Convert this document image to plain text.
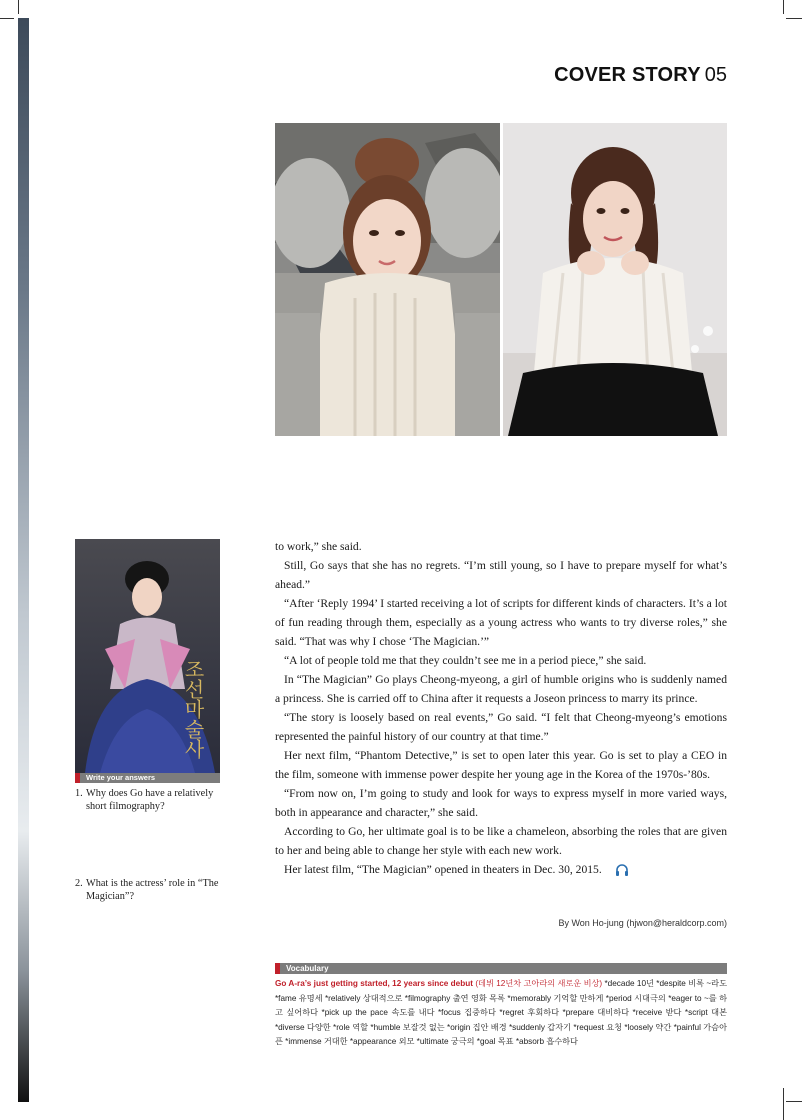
COVER STORY 05
조선마술사
Write your answers
1. Why does Go have a relatively short filmography?
2. What is the actress’ role in “The Magician”?

to work,” she said.

Still, Go says that she has no regrets. “I’m still young, so I have to prepare myself for what’s ahead.”

“After ‘Reply 1994’ I started receiving a lot of scripts for different kinds of characters. It’s a lot of fun reading through them, especially as a young actress who wants to try diverse roles,” she said. “That was why I chose ‘The Magician.’”

“A lot of people told me that they couldn’t see me in a period piece,” she said.

In “The Magician” Go plays Cheong-myeong, a girl of humble origins who is suddenly named a princess. She is carried off to China after it requests a Joseon princess to marry its prince.

“The story is loosely based on real events,” Go said. “I felt that Cheong-myeong’s emotions represented the painful history of our country at that time.”

Her next film, “Phantom Detective,” is set to open later this year. Go is set to play a CEO in the film, someone with immense power despite her young age in the Korea of the 1970s-’80s.

“From now on, I’m going to study and look for ways to express myself in more varied ways, both in appearance and character,” she said.

According to Go, her ultimate goal is to be like a chameleon, absorbing the roles that are given to her and being able to change her style with each new work.

Her latest film, “The Magician” opened in theaters in Dec. 30, 2015.

By Won Ho-jung (hjwon@heraldcorp.com)
Vocabulary
Go A-ra’s just getting started, 12 years since debut (데뷔 12년차 고아라의 새로운 비상) *decade 10년 *despite 비록 ~라도 *fame 유명세 *relatively 상대적으로 *filmography 출연 영화 목록 *memorably 기억할 만하게 *period 시대극의 *eager to ~를 하고 싶어하다 *pick up the pace 속도를 내다 *focus 집중하다 *regret 후회하다 *prepare 대비하다 *receive 받다 *script 대본 *diverse 다양한 *role 역할 *humble 보잘것 없는 *origin 집안 배경 *suddenly 갑자기 *request 요청 *loosely 약간 *painful 가슴아픈 *immense 거대한 *appearance 외모 *ultimate 궁극의 *goal 목표 *absorb 흡수하다
